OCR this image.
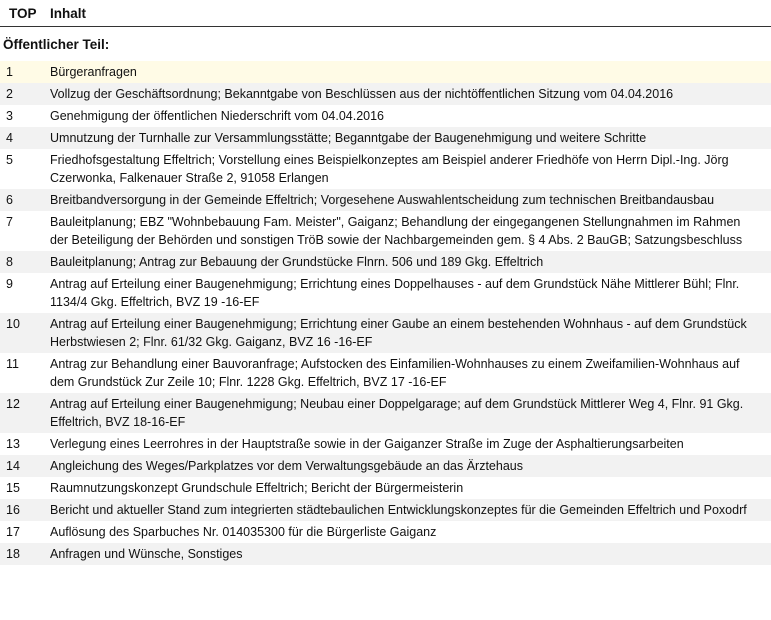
TOP Inhalt
Öffentlicher Teil:
1	Bürgeranfragen
2	Vollzug der Geschäftsordnung; Bekanntgabe von Beschlüssen aus der nichtöffentlichen Sitzung vom 04.04.2016
3	Genehmigung der öffentlichen Niederschrift vom 04.04.2016
4	Umnutzung der Turnhalle zur Versammlungsstätte; Beganntgabe der Baugenehmigung und weitere Schritte
5	Friedhofsgestaltung Effeltrich; Vorstellung eines Beispielkonzeptes am Beispiel anderer Friedhöfe von Herrn Dipl.-Ing. Jörg Czerwonka, Falkenauer Straße 2, 91058 Erlangen
6	Breitbandversorgung in der Gemeinde Effeltrich; Vorgesehene Auswahlentscheidung zum technischen Breitbandausbau
7	Bauleitplanung; EBZ "Wohnbebauung Fam. Meister", Gaiganz; Behandlung der eingegangenen Stellungnahmen im Rahmen der Beteiligung der Behörden und sonstigen TröB sowie der Nachbargemeinden gem. § 4 Abs. 2 BauGB; Satzungsbeschluss
8	Bauleitplanung; Antrag zur Bebauung der Grundstücke Flnrn. 506 und 189 Gkg. Effeltrich
9	Antrag auf Erteilung einer Baugenehmigung; Errichtung eines Doppelhauses - auf dem Grundstück Nähe Mittlerer Bühl; Flnr. 1134/4 Gkg. Effeltrich, BVZ 19 -16-EF
10	Antrag auf Erteilung einer Baugenehmigung; Errichtung einer Gaube an einem bestehenden Wohnhaus - auf dem Grundstück Herbstwiesen 2; Flnr. 61/32 Gkg. Gaiganz, BVZ 16 -16-EF
11	Antrag zur Behandlung einer Bauvoranfrage; Aufstocken des Einfamilien-Wohnhauses zu einem Zweifamilien-Wohnhaus auf dem Grundstück Zur Zeile 10; Flnr. 1228 Gkg. Effeltrich, BVZ 17 -16-EF
12	Antrag auf Erteilung einer Baugenehmigung; Neubau einer Doppelgarage; auf dem Grundstück Mittlerer Weg 4, Flnr. 91 Gkg. Effeltrich, BVZ 18-16-EF
13	Verlegung eines Leerrohres in der Hauptstraße sowie in der Gaiganzer Straße im Zuge der Asphaltierungsarbeiten
14	Angleichung des Weges/Parkplatzes vor dem Verwaltungsgebäude an das Ärztehaus
15	Raumnutzungskonzept Grundschule Effeltrich; Bericht der Bürgermeisterin
16	Bericht und aktueller Stand zum integrierten städtebaulichen Entwicklungskonzeptes für die Gemeinden Effeltrich und Poxodrf
17	Auflösung des Sparbuches Nr. 014035300 für die Bürgerliste Gaiganz
18	Anfragen und Wünsche, Sonstiges
